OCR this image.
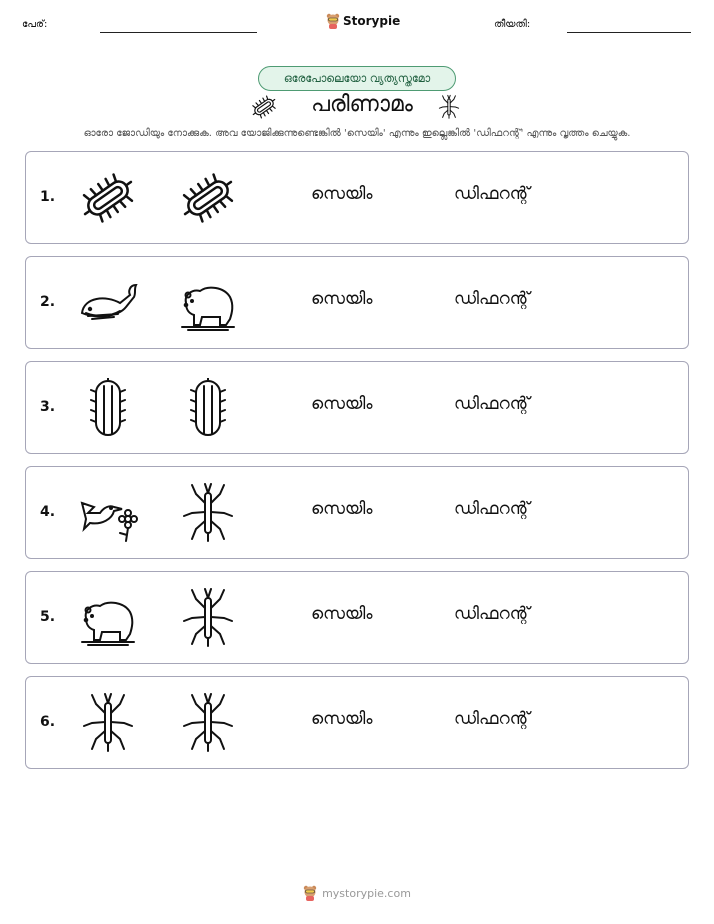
പേര്:	Storypie	തീയതി:
ഒരേപോലെയോ വ്യത്യസ്തമോ
പരിണാമം
ഓരോ ജോഡിയും നോക്കുക. അവ യോജിക്കുന്നുണ്ടെങ്കിൽ 'സെയിം' എന്നും ഇല്ലെങ്കിൽ 'ഡിഫറന്റ്' എന്നും വൃത്തം ചെയ്യുക.
1.	സെയിം	ഡിഫറന്റ്
2.	സെയിം	ഡിഫറന്റ്
3.	സെയിം	ഡിഫറന്റ്
4.	സെയിം	ഡിഫറന്റ്
5.	സെയിം	ഡിഫറന്റ്
6.	സെയിം	ഡിഫറന്റ്
mystorypie.com
